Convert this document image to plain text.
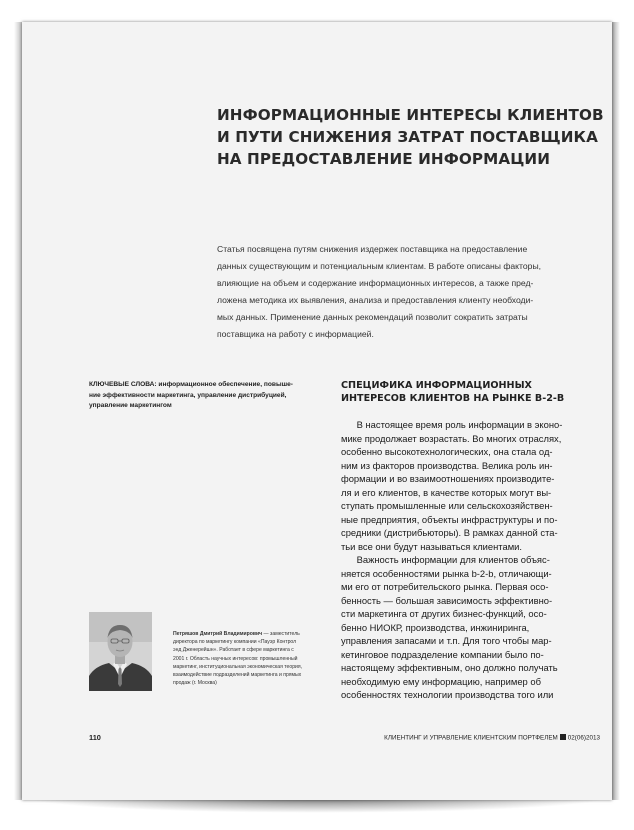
ИНФОРМАЦИОННЫЕ ИНТЕРЕСЫ КЛИЕНТОВ
И ПУТИ СНИЖЕНИЯ ЗАТРАТ ПОСТАВЩИКА
НА ПРЕДОСТАВЛЕНИЕ ИНФОРМАЦИИ
Статья посвящена путям снижения издержек поставщика на предоставление
данных существующим и потенциальным клиентам. В работе описаны факторы,
влияющие на объем и содержание информационных интересов, а также пред-
ложена методика их выявления, анализа и предоставления клиенту необходи-
мых данных. Применение данных рекомендаций позволит сократить затраты
поставщика на работу с информацией.
КЛЮЧЕВЫЕ СЛОВА: информационное обеспечение, повыше-
ние эффективности маркетинга, управление дистрибуцией,
управление маркетингом
СПЕЦИФИКА ИНФОРМАЦИОННЫХ
ИНТЕРЕСОВ КЛИЕНТОВ НА РЫНКЕ B-2-B
В настоящее время роль информации в эконо-
мике продолжает возрастать. Во многих отраслях,
особенно высокотехнологических, она стала од-
ним из факторов производства. Велика роль ин-
формации и во взаимоотношениях производите-
ля и его клиентов, в качестве которых могут вы-
ступать промышленные или сельскохозяйствен-
ные предприятия, объекты инфраструктуры и по-
средники (дистрибьюторы). В рамках данной ста-
тьи все они будут называться клиентами.
Важность информации для клиентов объяс-
няется особенностями рынка b-2-b, отличающи-
ми его от потребительского рынка. Первая осо-
бенность — большая зависимость эффективно-
сти маркетинга от других бизнес-функций, осо-
бенно НИОКР, производства, инжиниринга,
управления запасами и т.п. Для того чтобы мар-
кетинговое подразделение компании было по-
настоящему эффективным, оно должно получать
необходимую ему информацию, например об
особенностях технологии производства того или
Петряшов Дмитрий Владимирович — заместитель
директора по маркетингу компании «Пауэр Контрол
энд Дженерейшн». Работает в сфере маркетинга с
2001 г. Область научных интересов: промышленный
маркетинг, институциональная экономическая теория,
взаимодействие подразделений маркетинга и прямых
продаж (г. Москва)
110	КЛИЕНТИНГ И УПРАВЛЕНИЕ КЛИЕНТСКИМ ПОРТФЕЛЕМ 02(06)2013
